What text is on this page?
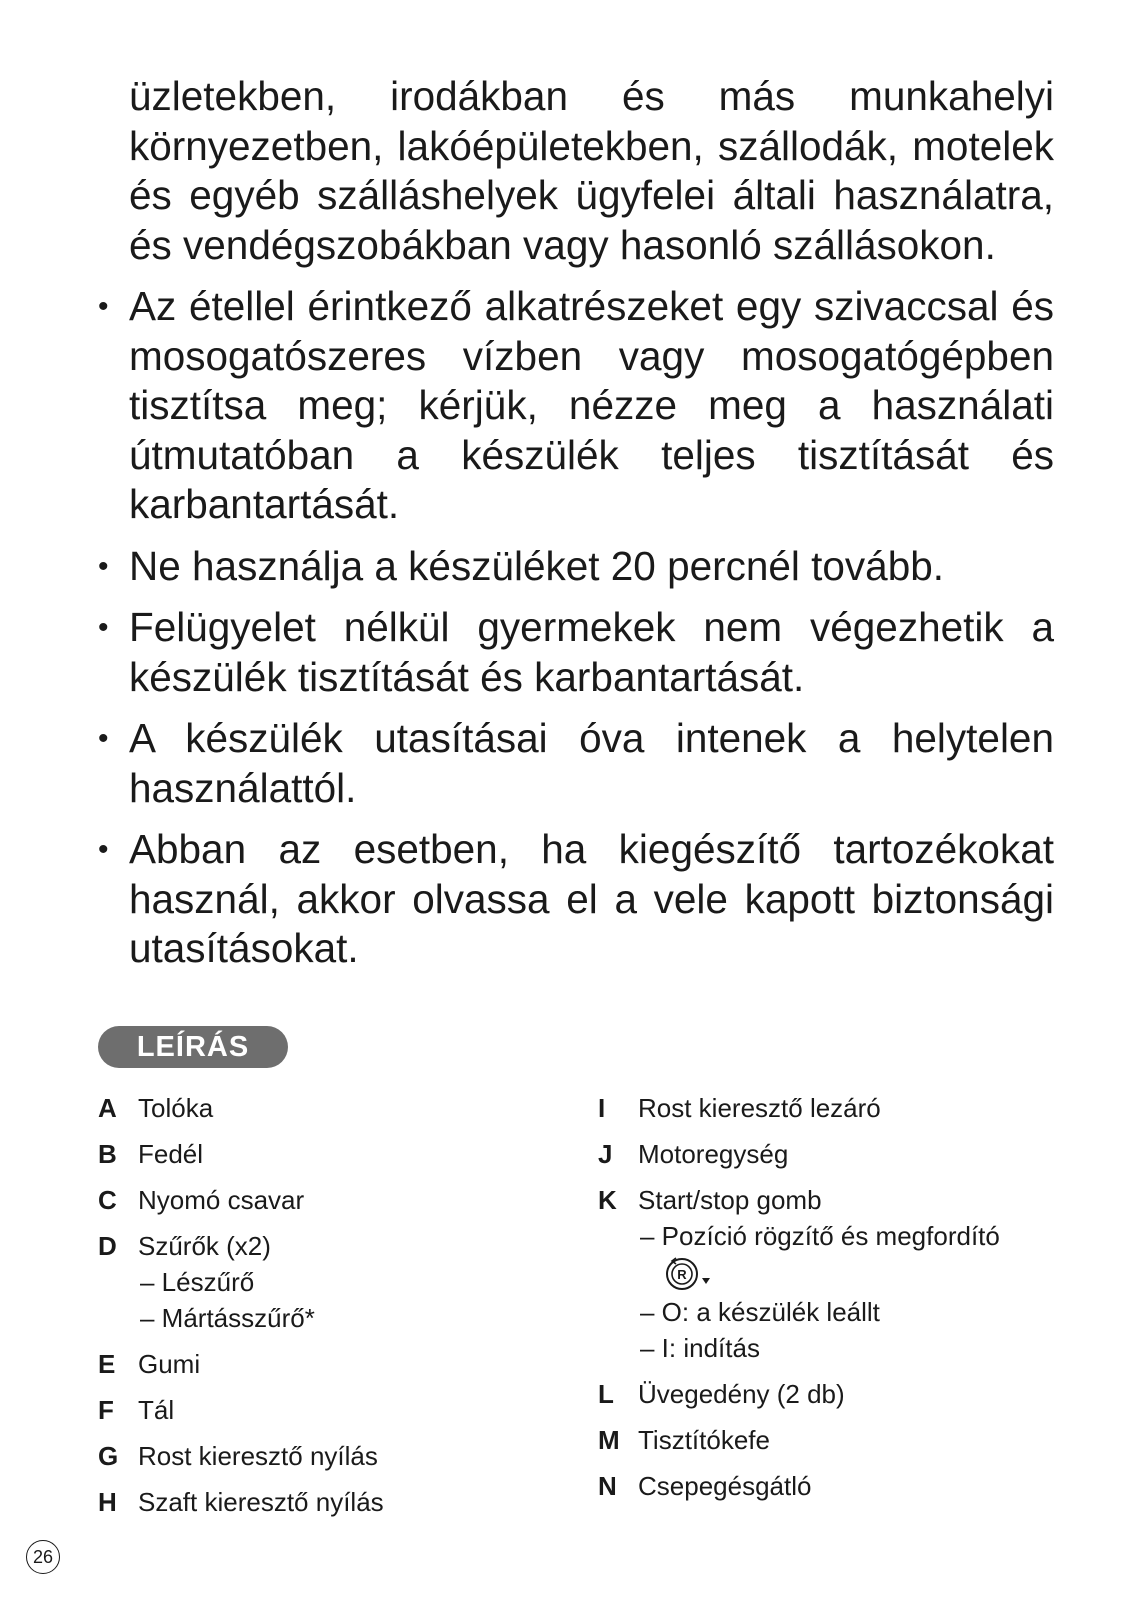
üzletekben, irodákban és más munkahelyi környezetben, lakóépületekben, szállodák, motelek és egyéb szálláshelyek ügyfelei általi használatra, és vendégszobákban vagy hasonló szállásokon.
• Az étellel érintkező alkatrészeket egy szivaccsal és mosogatószeres vízben vagy mosogatógépben tisztítsa meg; kérjük, nézze meg a használati útmutatóban a készülék teljes tisztítását és karbantartását.
• Ne használja a készüléket 20 percnél tovább.
• Felügyelet nélkül gyermekek nem végezhetik a készülék tisztítását és karbantartását.
• A készülék utasításai óva intenek a helytelen használattól.
• Abban az esetben, ha kiegészítő tartozékokat használ, akkor olvassa el a vele kapott biztonsági utasításokat.
LEÍRÁS
A Tolóka
B Fedél
C Nyomó csavar
D Szűrők (x2)
– Lészűrő
– Mártásszűrő*
E Gumi
F Tál
G Rost kieresztő nyílás
H Szaft kieresztő nyílás
I Rost kieresztő lezáró
J Motoregység
K Start/stop gomb
– Pozíció rögzítő és megfordító
R
– O: a készülék leállt
– I: indítás
L Üvegedény (2 db)
M Tisztítókefe
N Csepegésgátló
26
